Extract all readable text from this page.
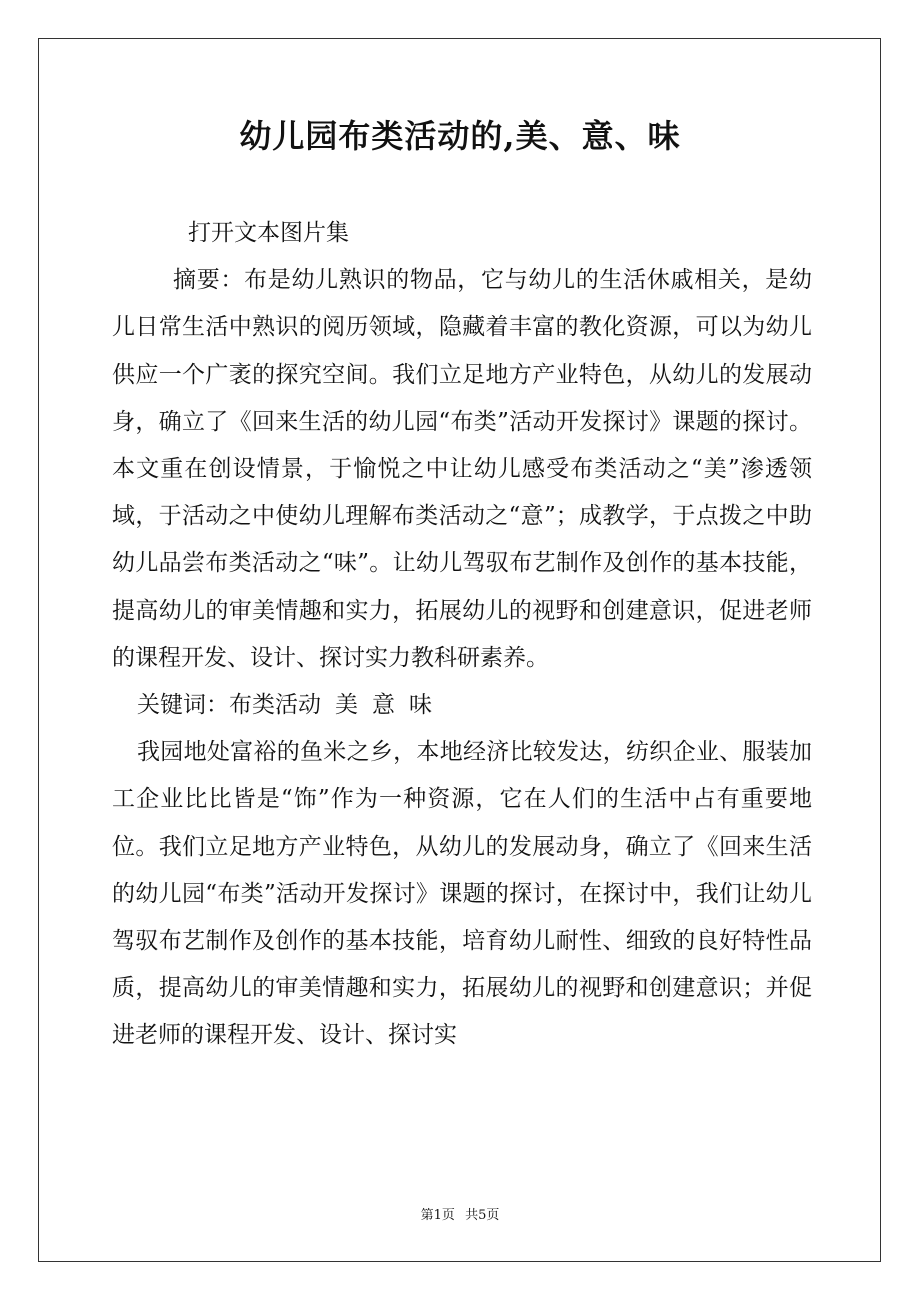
幼儿园布类活动的,美、意、味

打开文本图片集

摘要：布是幼儿熟识的物品，它与幼儿的生活休戚相关，是幼儿日常生活中熟识的阅历领域，隐藏着丰富的教化资源，可以为幼儿供应一个广袤的探究空间。我们立足地方产业特色，从幼儿的发展动身，确立了《回来生活的幼儿园“布类”活动开发探讨》课题的探讨。本文重在创设情景，于愉悦之中让幼儿感受布类活动之“美”渗透领域，于活动之中使幼儿理解布类活动之“意”；成教学，于点拨之中助幼儿品尝布类活动之“味”。让幼儿驾驭布艺制作及创作的基本技能，提高幼儿的审美情趣和实力，拓展幼儿的视野和创建意识，促进老师的课程开发、设计、探讨实力教科研素养。

关键词：布类活动 美 意 味

我园地处富裕的鱼米之乡，本地经济比较发达，纺织企业、服装加工企业比比皆是“饰”作为一种资源，它在人们的生活中占有重要地位。我们立足地方产业特色，从幼儿的发展动身，确立了《回来生活的幼儿园“布类”活动开发探讨》课题的探讨，在探讨中，我们让幼儿驾驭布艺制作及创作的基本技能，培育幼儿耐性、细致的良好特性品质，提高幼儿的审美情趣和实力，拓展幼儿的视野和创建意识；并促进老师的课程开发、设计、探讨实

第1页 共5页
